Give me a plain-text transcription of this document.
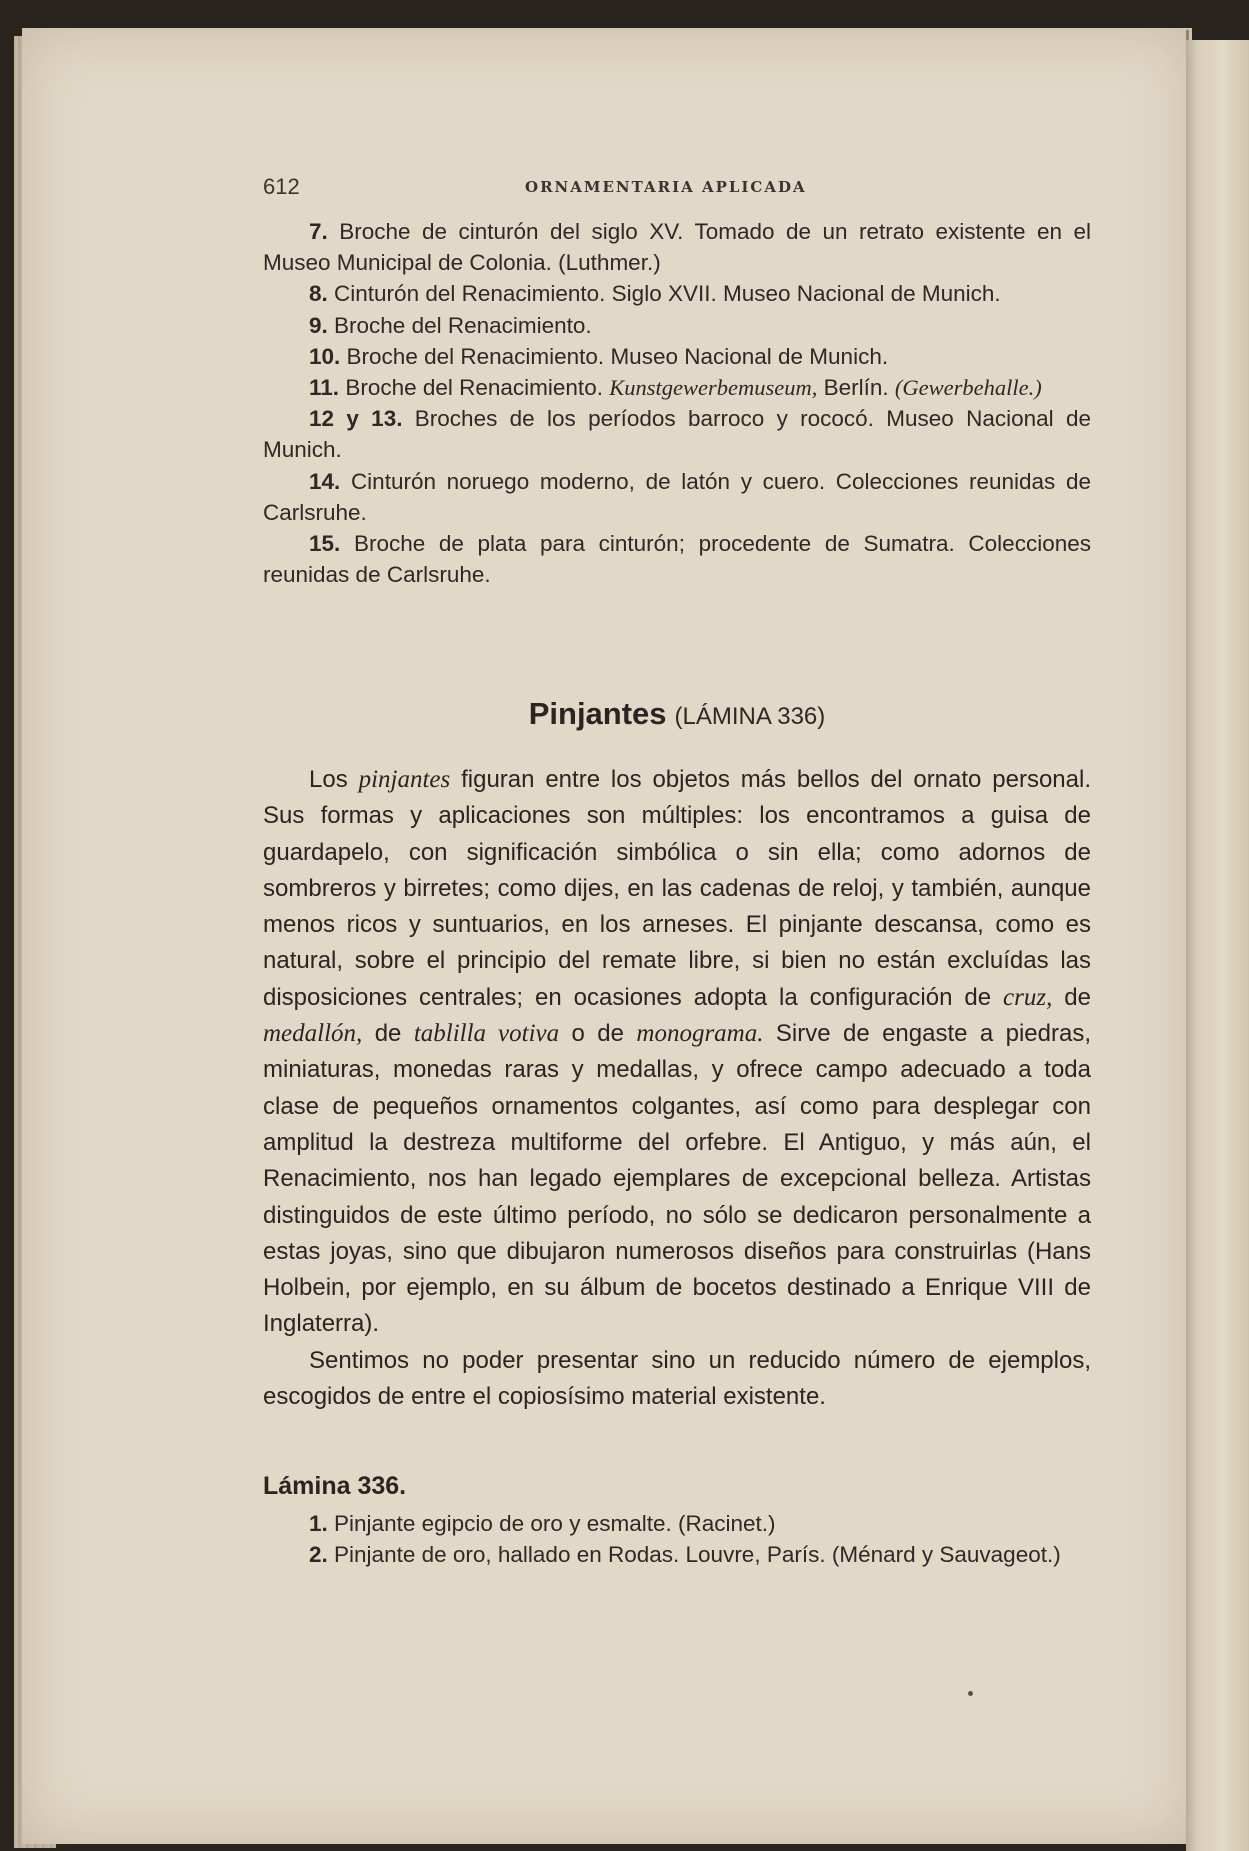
612	ORNAMENTARIA APLICADA

7. Broche de cinturón del siglo XV. Tomado de un retrato existente en el Museo Municipal de Colonia. (Luthmer.)

8. Cinturón del Renacimiento. Siglo XVII. Museo Nacional de Munich.

9. Broche del Renacimiento.

10. Broche del Renacimiento. Museo Nacional de Munich.

11. Broche del Renacimiento. Kunstgewerbemuseum, Berlín. (Gewerbehalle.)

12 y 13. Broches de los períodos barroco y rococó. Museo Nacional de Munich.

14. Cinturón noruego moderno, de latón y cuero. Colecciones reunidas de Carlsruhe.

15. Broche de plata para cinturón; procedente de Sumatra. Colecciones reunidas de Carlsruhe.

Pinjantes (LÁMINA 336)

Los pinjantes figuran entre los objetos más bellos del ornato personal. Sus formas y aplicaciones son múltiples: los encontramos a guisa de guardapelo, con significación simbólica o sin ella; como adornos de sombreros y birretes; como dijes, en las cadenas de reloj, y también, aunque menos ricos y suntuarios, en los arneses. El pinjante descansa, como es natural, sobre el principio del remate libre, si bien no están excluídas las disposiciones centrales; en ocasiones adopta la configuración de cruz, de medallón, de tablilla votiva o de monograma. Sirve de engaste a piedras, miniaturas, monedas raras y medallas, y ofrece campo adecuado a toda clase de pequeños ornamentos colgantes, así como para desplegar con amplitud la destreza multiforme del orfebre. El Antiguo, y más aún, el Renacimiento, nos han legado ejemplares de excepcional belleza. Artistas distinguidos de este último período, no sólo se dedicaron personalmente a estas joyas, sino que dibujaron numerosos diseños para construirlas (Hans Holbein, por ejemplo, en su álbum de bocetos destinado a Enrique VIII de Inglaterra).

Sentimos no poder presentar sino un reducido número de ejemplos, escogidos de entre el copiosísimo material existente.

Lámina 336.

1. Pinjante egipcio de oro y esmalte. (Racinet.)

2. Pinjante de oro, hallado en Rodas. Louvre, París. (Ménard y Sauvageot.)
